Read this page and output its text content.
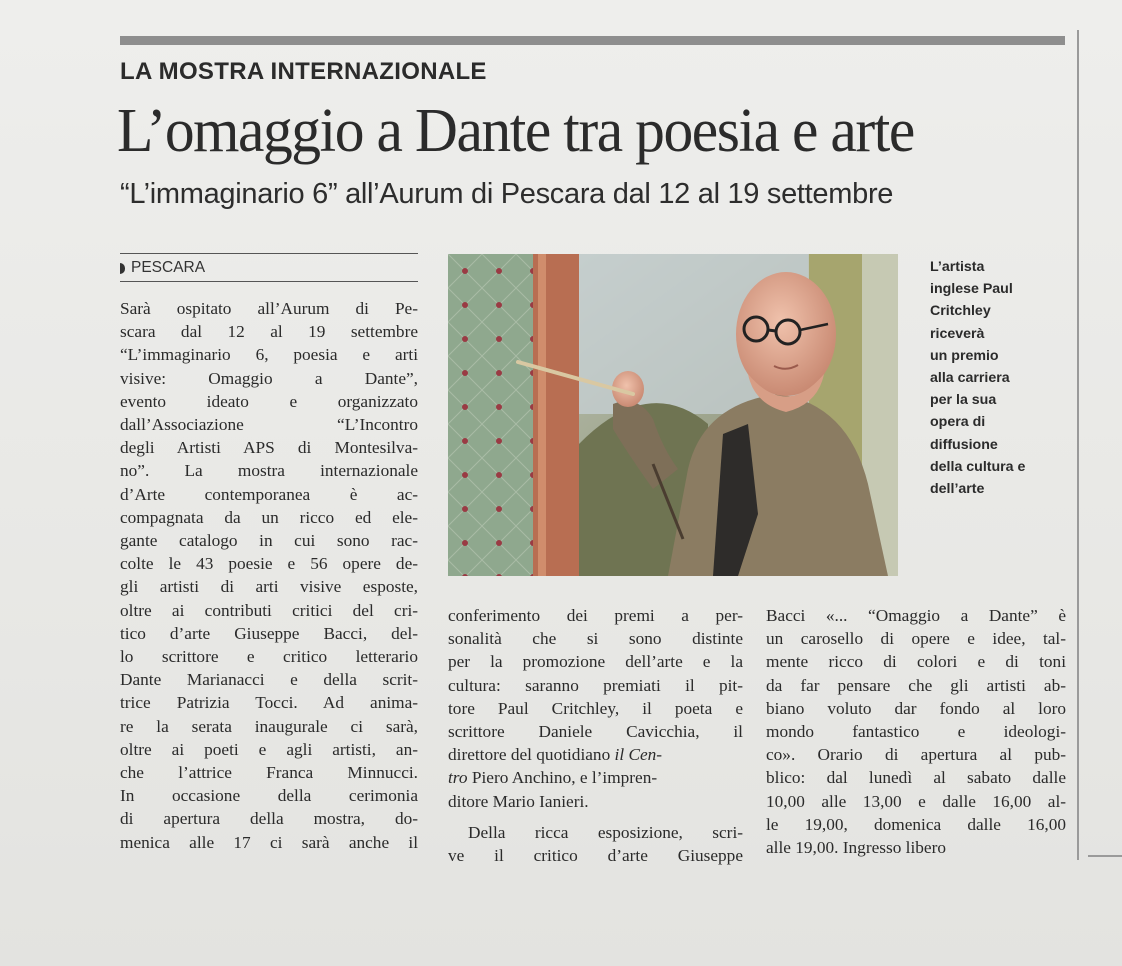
LA MOSTRA INTERNAZIONALE
L’omaggio a Dante tra poesia e arte
“L’immaginario 6” all’Aurum di Pescara dal 12 al 19 settembre
PESCARA
Sarà ospitato all’Aurum di Pe-
scara dal 12 al 19 settembre
“L’immaginario 6, poesia e arti
visive: Omaggio a Dante”,
evento ideato e organizzato
dall’Associazione “L’Incontro
degli Artisti APS di Montesilva-
no”. La mostra internazionale
d’Arte contemporanea è ac-
compagnata da un ricco ed ele-
gante catalogo in cui sono rac-
colte le 43 poesie e 56 opere de-
gli artisti di arti visive esposte,
oltre ai contributi critici del cri-
tico d’arte Giuseppe Bacci, del-
lo scrittore e critico letterario
Dante Marianacci e della scrit-
trice Patrizia Tocci. Ad anima-
re la serata inaugurale ci sarà,
oltre ai poeti e agli artisti, an-
che l’attrice Franca Minnucci.
In occasione della cerimonia
di apertura della mostra, do-
menica alle 17 ci sarà anche il
L’artista
inglese Paul
Critchley
riceverà
un premio
alla carriera
per la sua
opera di
diffusione
della cultura e
dell’arte
conferimento dei premi a per-
sonalità che si sono distinte
per la promozione dell’arte e la
cultura: saranno premiati il pit-
tore Paul Critchley, il poeta e
scrittore Daniele Cavicchia, il
direttore del quotidiano il Cen-
tro Piero Anchino, e l’impren-
ditore Mario Ianieri.
Della ricca esposizione, scri-
ve il critico d’arte Giuseppe
Bacci «... “Omaggio a Dante” è
un carosello di opere e idee, tal-
mente ricco di colori e di toni
da far pensare che gli artisti ab-
biano voluto dar fondo al loro
mondo fantastico e ideologi-
co». Orario di apertura al pub-
blico: dal lunedì al sabato dalle
10,00 alle 13,00 e dalle 16,00 al-
le 19,00, domenica dalle 16,00
alle 19,00. Ingresso libero
